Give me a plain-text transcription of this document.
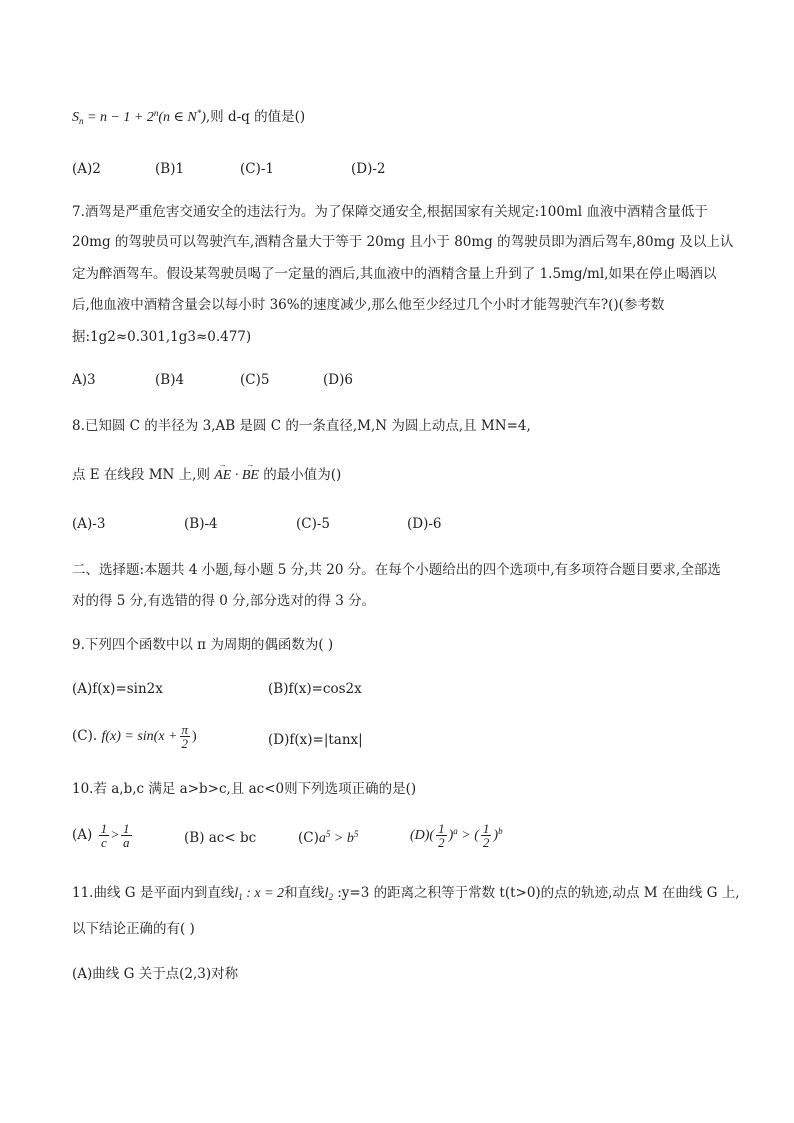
$S_n = n - 1 + 2^n(n$ ∈ N*),则 d-q 的值是()
(A)2	(B)1	(C)-1	(D)-2
7.酒驾是严重危害交通安全的违法行为。为了保障交通安全,根据国家有关规定:100ml 血液中酒精含量低于
20mg 的驾驶员可以驾驶汽车,酒精含量大于等于 20mg 且小于 80mg 的驾驶员即为酒后驾车,80mg 及以上认
定为醉酒驾车。假设某驾驶员喝了一定量的酒后,其血液中的酒精含量上升到了 1.5mg/ml,如果在停止喝酒以
后,他血液中酒精含量会以每小时 36%的速度减少,那么他至少经过几个小时才能驾驶汽车?()(参考数
据:1g2≈0.301,1g3≈0.477)
A)3	(B)4	(C)5	(D)6
8.已知圆 C 的半径为 3,AB 是圆 C 的一条直径,M,N 为圆上动点,且 MN=4,
点 E 在线段 MN 上,则 → AE · → BE 的最小值为()
(A)-3	(B)-4	(C)-5	(D)-6
二、选择题:本题共 4 小题,每小题 5 分,共 20 分。在每个小题给出的四个选项中,有多项符合题目要求,全部选
对的得 5 分,有选错的得 0 分,部分选对的得 3 分。
9.下列四个函数中以 π 为周期的偶函数为( )
(A)f(x)=sin2x	(B)f(x)=cos2x
(C). $f(x) = \sin(x + \frac{\pi}{2}$ )	(D)f(x)=|tanx|
10.若 a,b,c 满足 a>b>c,且 ac<0则下列选项正确的是()
$(A) \frac{1}{c} > \frac{1}{a}$	(B) ac< bc	$(C)a^5 > b^5$	$(D)( \frac{1}{2} )^a$ > ( $\frac{1}{2} )^b$
11.曲线 G 是平面内到直线$l_1$ : x = 2和直线$l_2$ :y=3 的距离之积等于常数 t(t>0)的点的轨迹,动点 M 在曲线 G 上,
以下结论正确的有( )
(A)曲线 G 关于点(2,3)对称
